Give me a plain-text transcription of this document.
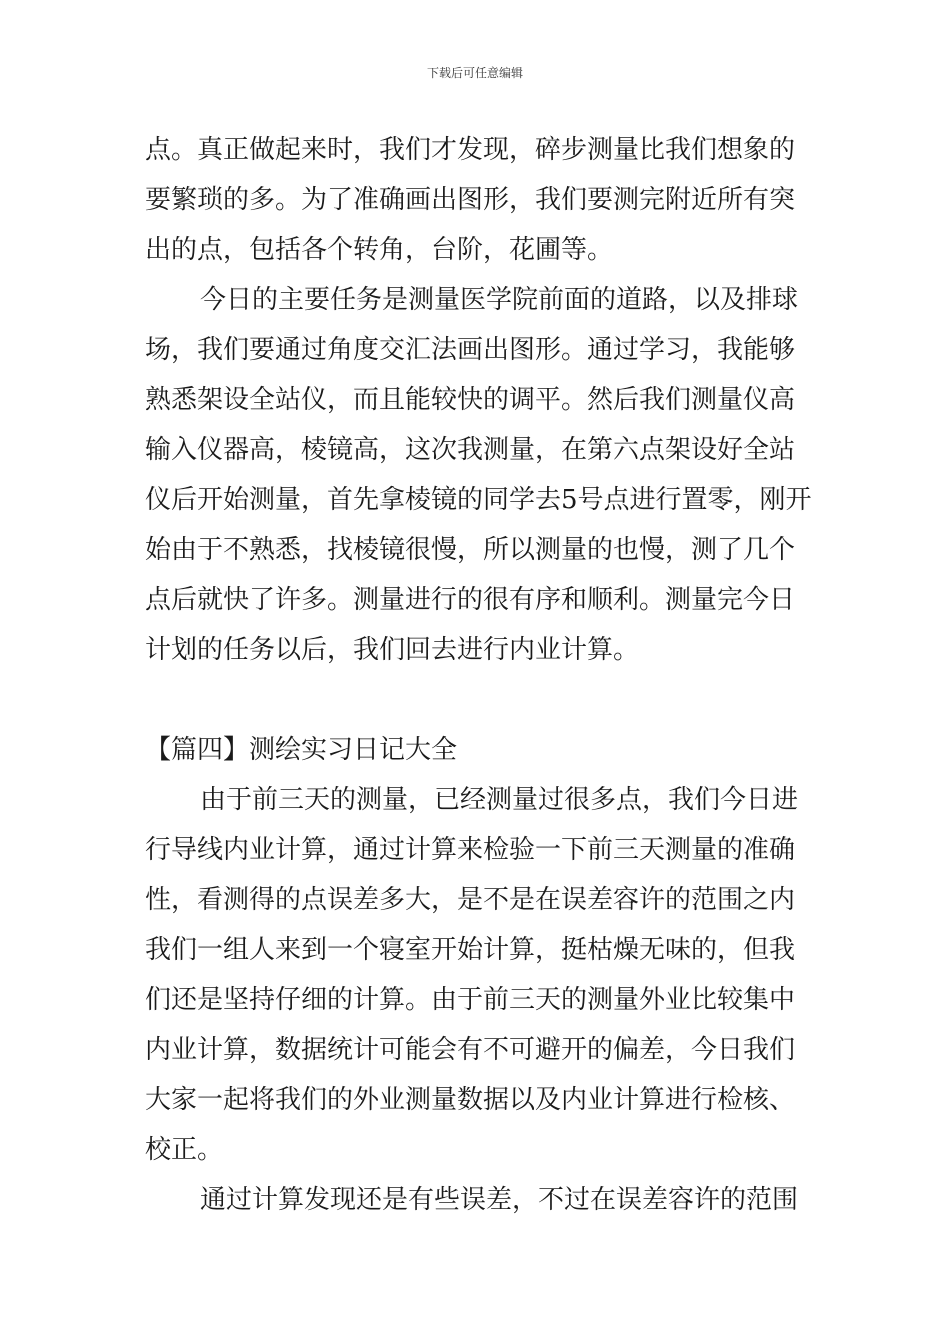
下载后可任意编辑
点。真正做起来时，我们才发现，碎步测量比我们想象的
要繁琐的多。为了准确画出图形，我们要测完附近所有突
出的点，包括各个转角，台阶，花圃等。
今日的主要任务是测量医学院前面的道路，以及排球
场，我们要通过角度交汇法画出图形。通过学习，我能够
熟悉架设全站仪，而且能较快的调平。然后我们测量仪高
输入仪器高，棱镜高，这次我测量，在第六点架设好全站
仪后开始测量，首先拿棱镜的同学去5号点进行置零，刚开
始由于不熟悉，找棱镜很慢，所以测量的也慢，测了几个
点后就快了许多。测量进行的很有序和顺利。测量完今日
计划的任务以后，我们回去进行内业计算。
【篇四】测绘实习日记大全
由于前三天的测量，已经测量过很多点，我们今日进
行导线内业计算，通过计算来检验一下前三天测量的准确
性，看测得的点误差多大，是不是在误差容许的范围之内
我们一组人来到一个寝室开始计算，挺枯燥无味的，但我
们还是坚持仔细的计算。由于前三天的测量外业比较集中
内业计算，数据统计可能会有不可避开的偏差，今日我们
大家一起将我们的外业测量数据以及内业计算进行检核、
校正。
通过计算发现还是有些误差，不过在误差容许的范围
